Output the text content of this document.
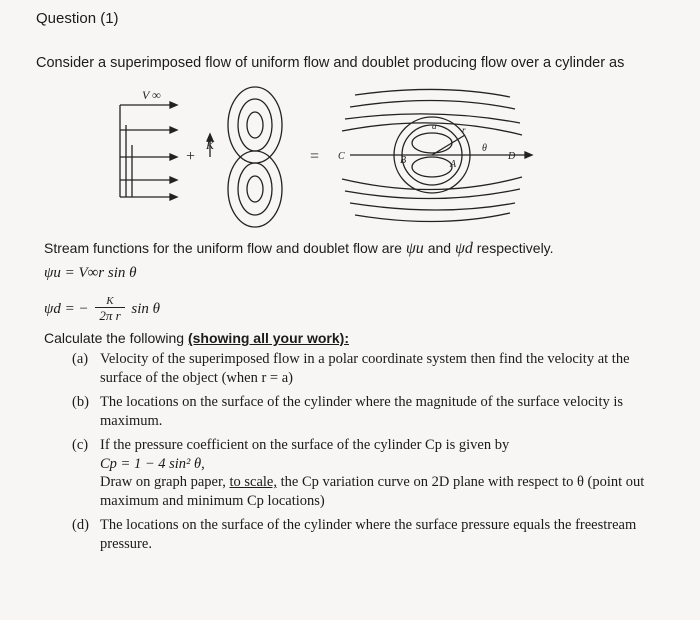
Question (1)
Consider a superimposed flow of uniform flow and doublet producing flow over a cylinder as
V ∞
K
+	= C	D
A
B
θ
r
a
Stream functions for the uniform flow and doublet flow are ψu and ψd respectively.
ψu = V∞r sin θ
ψd = − $\frac{K}{\text{2π r}}$ sin θ
Calculate the following (showing all your work):
(a) Velocity of the superimposed flow in a polar coordinate system then find the velocity at the surface of the object (when r = a)
(b) The locations on the surface of the cylinder where the magnitude of the surface velocity is maximum.
(c) If the pressure coefficient on the surface of the cylinder Cp is given by
Cp = 1 − 4 sin² θ,
Draw on graph paper, to scale, the Cp variation curve on 2D plane with respect to θ (point out maximum and minimum Cp locations)
(d) The locations on the surface of the cylinder where the surface pressure equals the freestream pressure.
